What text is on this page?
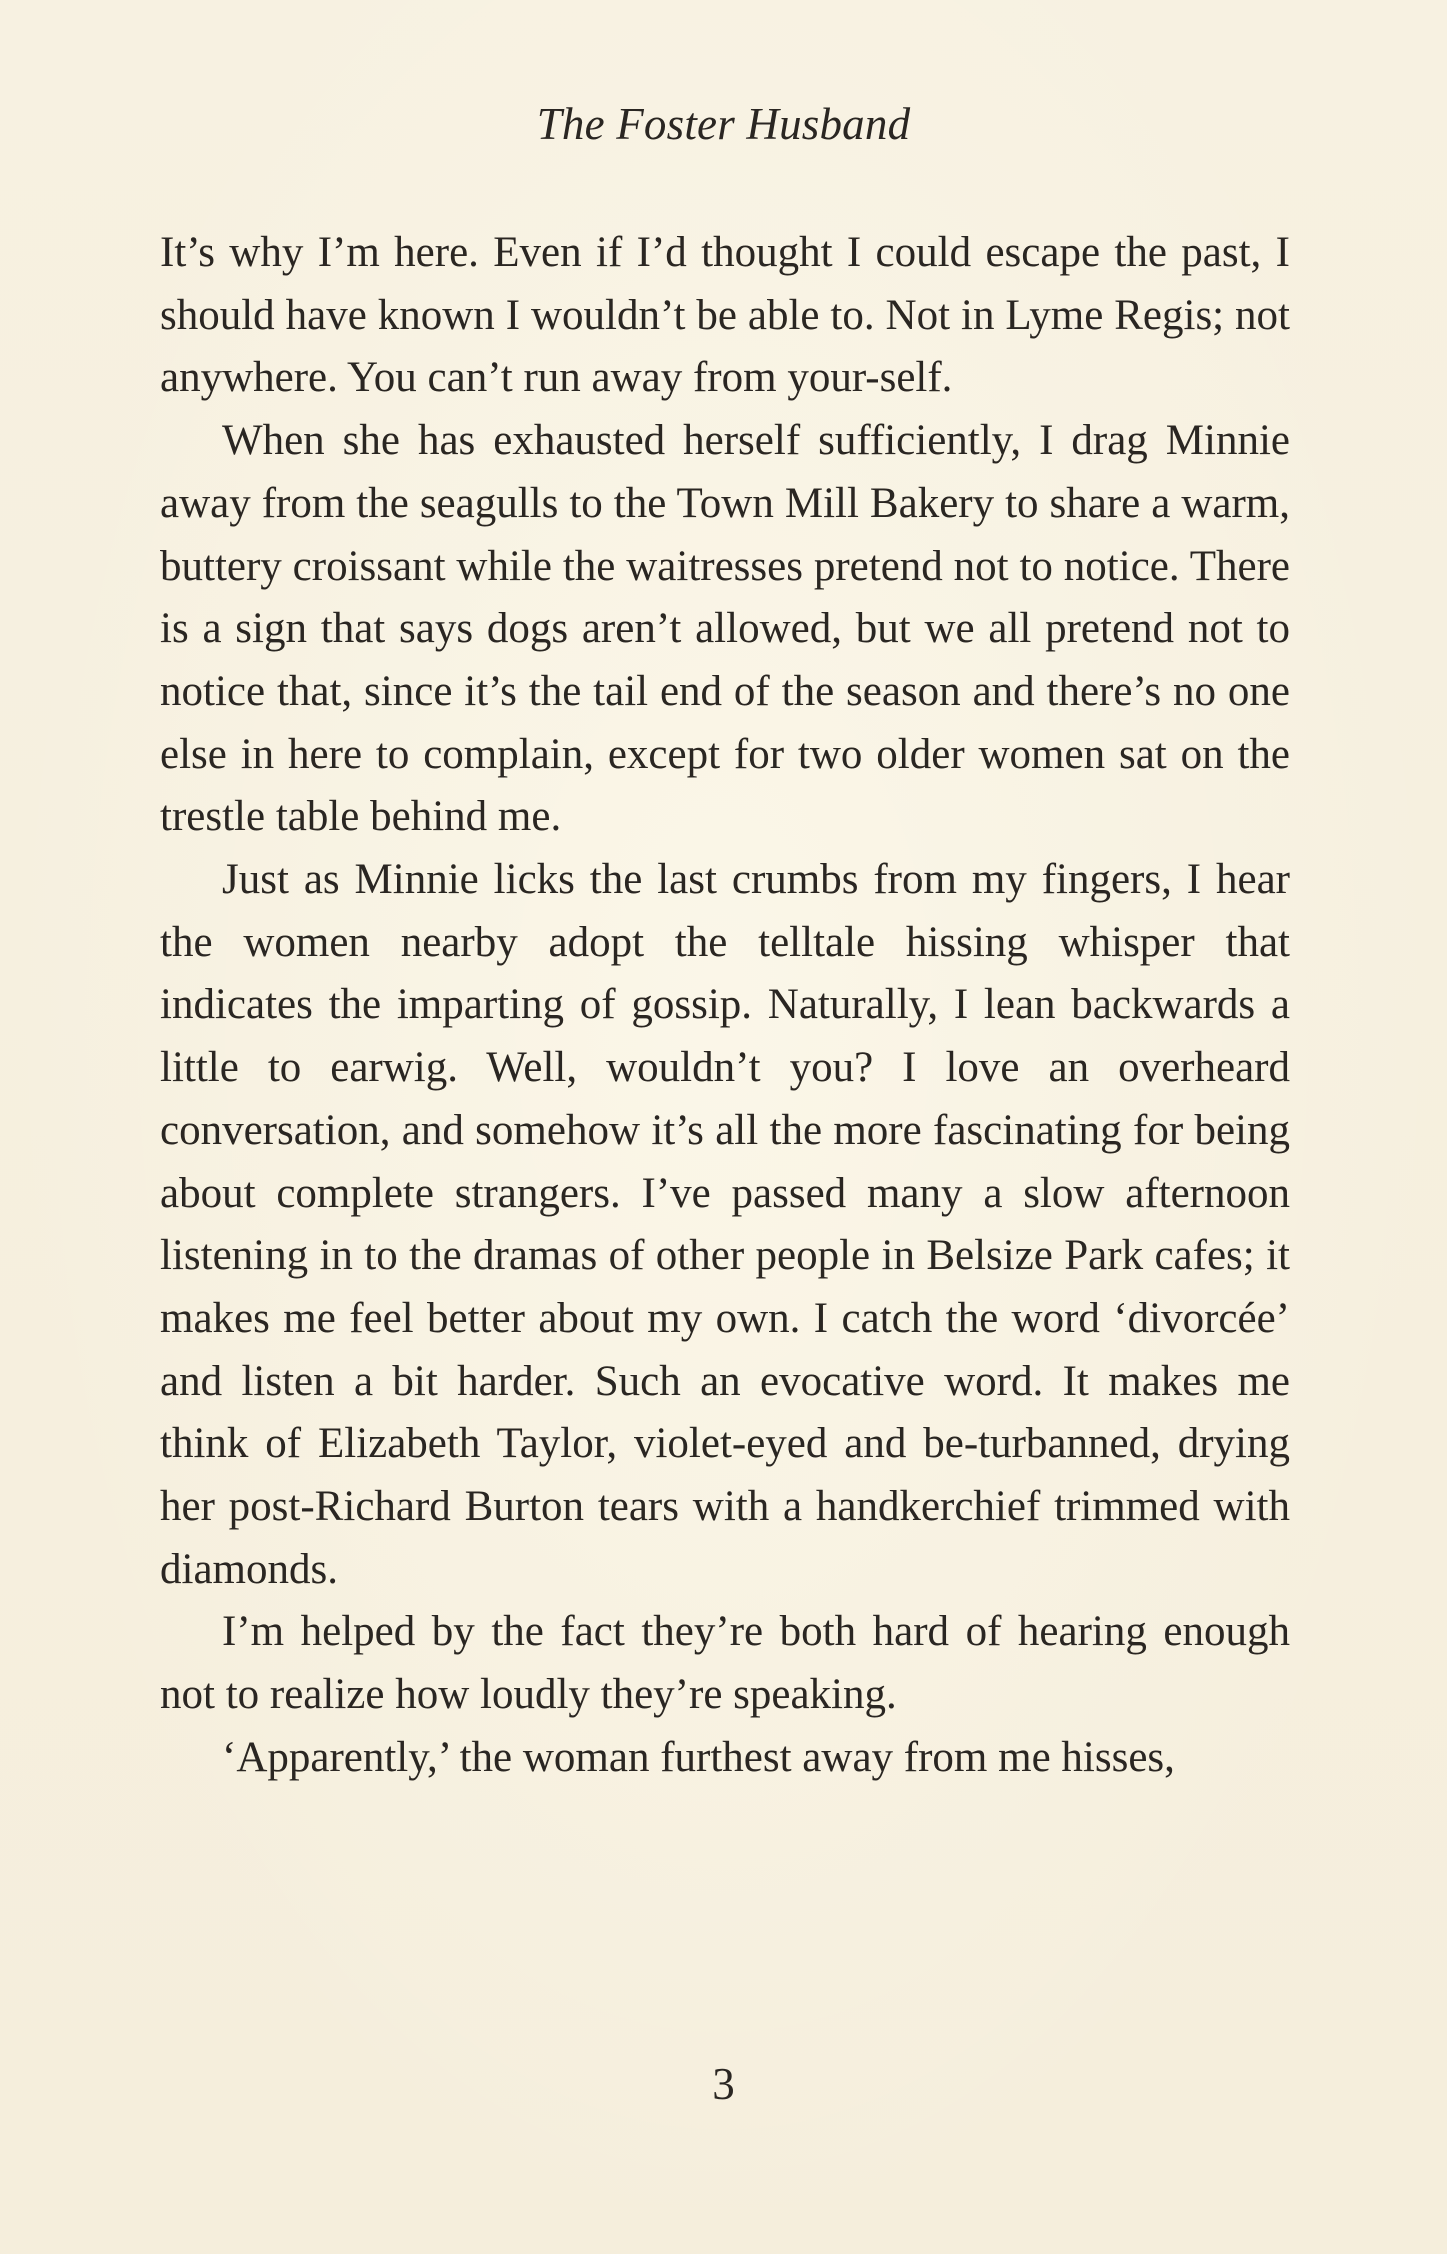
The Foster Husband

It’s why I’m here. Even if I’d thought I could escape the past, I should have known I wouldn’t be able to. Not in Lyme Regis; not anywhere. You can’t run away from your-self.

When she has exhausted herself sufficiently, I drag Minnie away from the seagulls to the Town Mill Bakery to share a warm, buttery croissant while the waitresses pretend not to notice. There is a sign that says dogs aren’t allowed, but we all pretend not to notice that, since it’s the tail end of the season and there’s no one else in here to complain, except for two older women sat on the trestle table behind me.

Just as Minnie licks the last crumbs from my fingers, I hear the women nearby adopt the telltale hissing whisper that indicates the imparting of gossip. Naturally, I lean backwards a little to earwig. Well, wouldn’t you? I love an overheard conversation, and somehow it’s all the more fascinating for being about complete strangers. I’ve passed many a slow afternoon listening in to the dramas of other people in Belsize Park cafes; it makes me feel better about my own. I catch the word ‘divorcée’ and listen a bit harder. Such an evocative word. It makes me think of Elizabeth Taylor, violet-eyed and be-turbanned, drying her post-Richard Burton tears with a handkerchief trimmed with diamonds.

I’m helped by the fact they’re both hard of hearing enough not to realize how loudly they’re speaking.

‘Apparently,’ the woman furthest away from me hisses,

3
